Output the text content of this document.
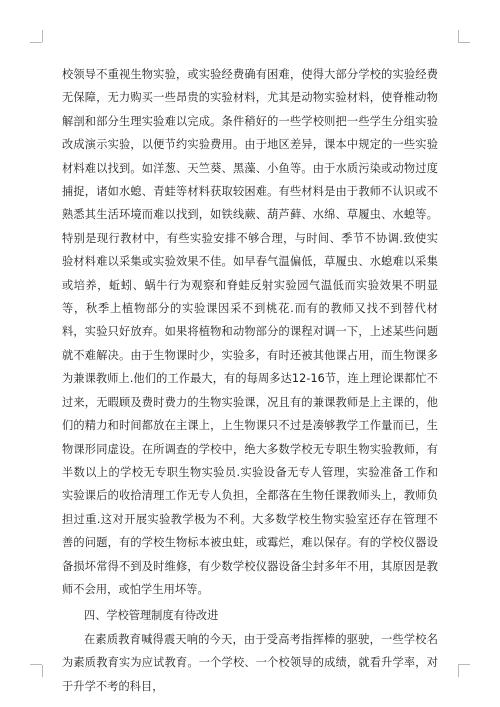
校领导不重视生物实验，或实验经费确有困难，使得大部分学校的实验经费无保障，无力购买一些昂贵的实验材料，尤其是动物实验材料，使脊椎动物解剖和部分生理实验难以完成。条件稍好的一些学校则把一些学生分组实验改成演示实验，以便节约实验费用。由于地区差异，课本中规定的一些实验材料难以找到。如洋葱、天竺葵、黑藻、小鱼等。由于水质污染或动物过度捕捉，诸如水螅、青蛙等材料获取较困难。有些材料是由于教师不认识或不熟悉其生活环境而难以找到，如铁线蕨、葫芦藓、水绵、草履虫、水螅等。特别是现行教材中，有些实验安排不够合理，与时间、季节不协调.致使实验材料难以采集或实验效果不佳。如早春气温偏低，草履虫、水螅难以采集或培养，蚯蚓、蜗牛行为观察和脊蛙反射实验园气温低而实验效果不明显等，秋季上植物部分的实验课因采不到桃花.而有的教师又找不到替代材料，实验只好放弃。如果将植物和动物部分的课程对调一下，上述某些问题就不难解决。由于生物课时少，实验多，有时还被其他课占用，而生物课多为兼课教师上.他们的工作最大，有的每周多达12-16节，连上理论课都忙不过来，无暇顾及费时费力的生物实验课，况且有的兼课教师是上主课的，他们的精力和时间都放在主课上，上生物课只不过是凑够教学工作量而已，生物课形同虚设。在所调查的学校中，绝大多数学校无专职生物实验教师，有半数以上的学校无专职生物实验员.实验设备无专人管理，实验准备工作和实验课后的收拾清理工作无专人负担，全都落在生物任课教师头上，教师负担过重.这对开展实验教学极为不利。大多数学校生物实验室还存在管理不善的问题，有的学校生物标本被虫蛀，或霉烂，难以保存。有的学校仪器设备损坏常得不到及时维修，有少数学校仪器设备尘封多年不用，其原因是教师不会用，或怕学生用坏等。

四、学校管理制度有待改进

在素质教育喊得震天响的今天，由于受高考指挥棒的驱驶，一些学校名为素质教育实为应试教育。一个学校、一个校领导的成绩，就看升学率，对于升学不考的科目，
